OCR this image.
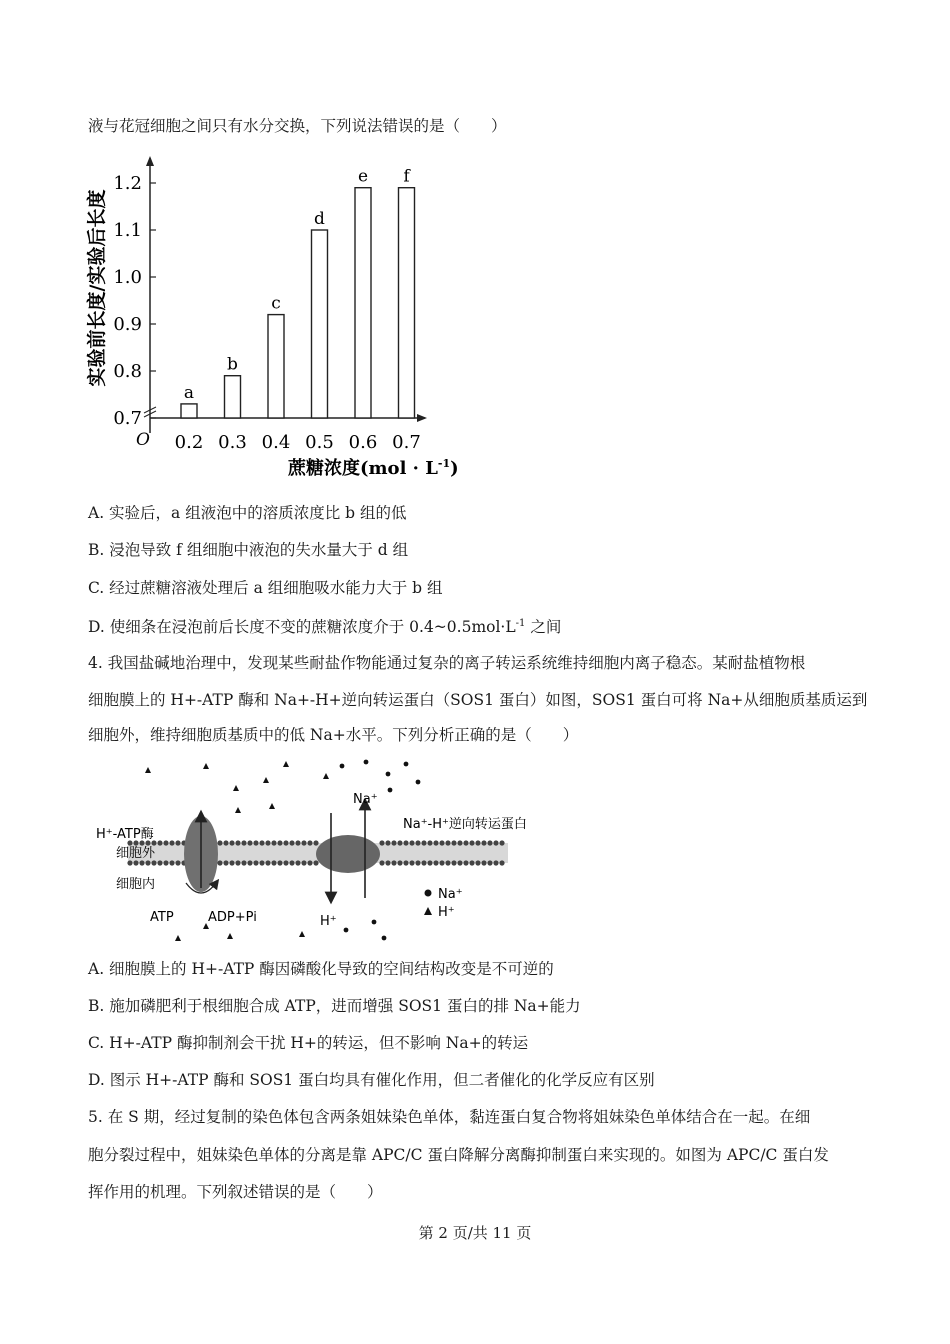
液与花冠细胞之间只有水分交换，下列说法错误的是（　　）
O
0.7
0.8
0.9
1.0
1.1
1.2
a
0.2
b
0.3
c
0.4
d
0.5
e
0.6
f
0.7
实验前长度/实验后长度
蔗糖浓度$(mol \cdot L^{-1})$
A. 实验后，a 组液泡中的溶质浓度比 b 组的低
B. 浸泡导致 f 组细胞中液泡的失水量大于 d 组
C. 经过蔗糖溶液处理后 a 组细胞吸水能力大于 b 组
D. 使细条在浸泡前后长度不变的蔗糖浓度介于 $0.4\sim 0.5mol\cdot L^{-1}$ 之间
4. 我国盐碱地治理中，发现某些耐盐作物能通过复杂的离子转运系统维持细胞内离子稳态。某耐盐植物根
细胞膜上的 H+-ATP 酶和 Na+-H+逆向转运蛋白（SOS1 蛋白）如图，SOS1 蛋白可将 Na+从细胞质基质运到
细胞外，维持细胞质基质中的低 Na+水平。下列分析正确的是（　　）
H⁺-ATP酶
细胞外
细胞内
Na⁺-H⁺逆向转运蛋白
Na⁺
H⁺
ATP	ADP+Pi
Na⁺
H⁺
A. 细胞膜上的 H+-ATP 酶因磷酸化导致的空间结构改变是不可逆的
B. 施加磷肥利于根细胞合成 ATP，进而增强 SOS1 蛋白的排 Na+能力
C. H+-ATP 酶抑制剂会干扰 H+的转运，但不影响 Na+的转运
D. 图示 H+-ATP 酶和 SOS1 蛋白均具有催化作用，但二者催化的化学反应有区别
5. 在 S 期，经过复制的染色体包含两条姐妹染色单体，黏连蛋白复合物将姐妹染色单体结合在一起。在细
胞分裂过程中，姐妹染色单体的分离是靠 APC/C 蛋白降解分离酶抑制蛋白来实现的。如图为 APC/C 蛋白发
挥作用的机理。下列叙述错误的是（　　）
第 2 页/共 11 页
